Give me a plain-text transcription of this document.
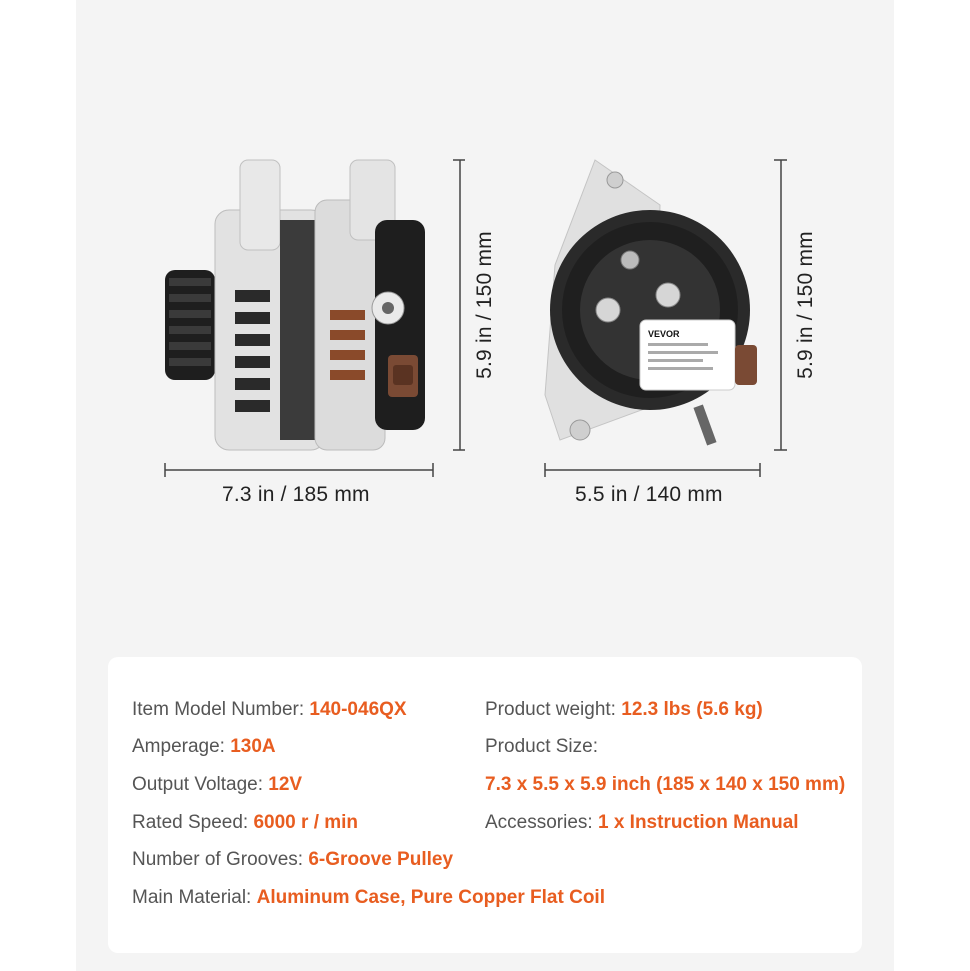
VEVOR
7.3 in / 185 mm
5.9 in / 150 mm
5.5 in / 140 mm
5.9 in / 150 mm
Item Model Number: 140-046QX
Amperage: 130A
Output Voltage: 12V
Rated Speed: 6000 r / min
Number of Grooves: 6-Groove Pulley
Main Material: Aluminum Case, Pure Copper Flat Coil
Product weight: 12.3 lbs (5.6 kg)
Product Size:
7.3 x 5.5 x 5.9 inch (185 x 140 x 150 mm)
Accessories: 1 x Instruction Manual
